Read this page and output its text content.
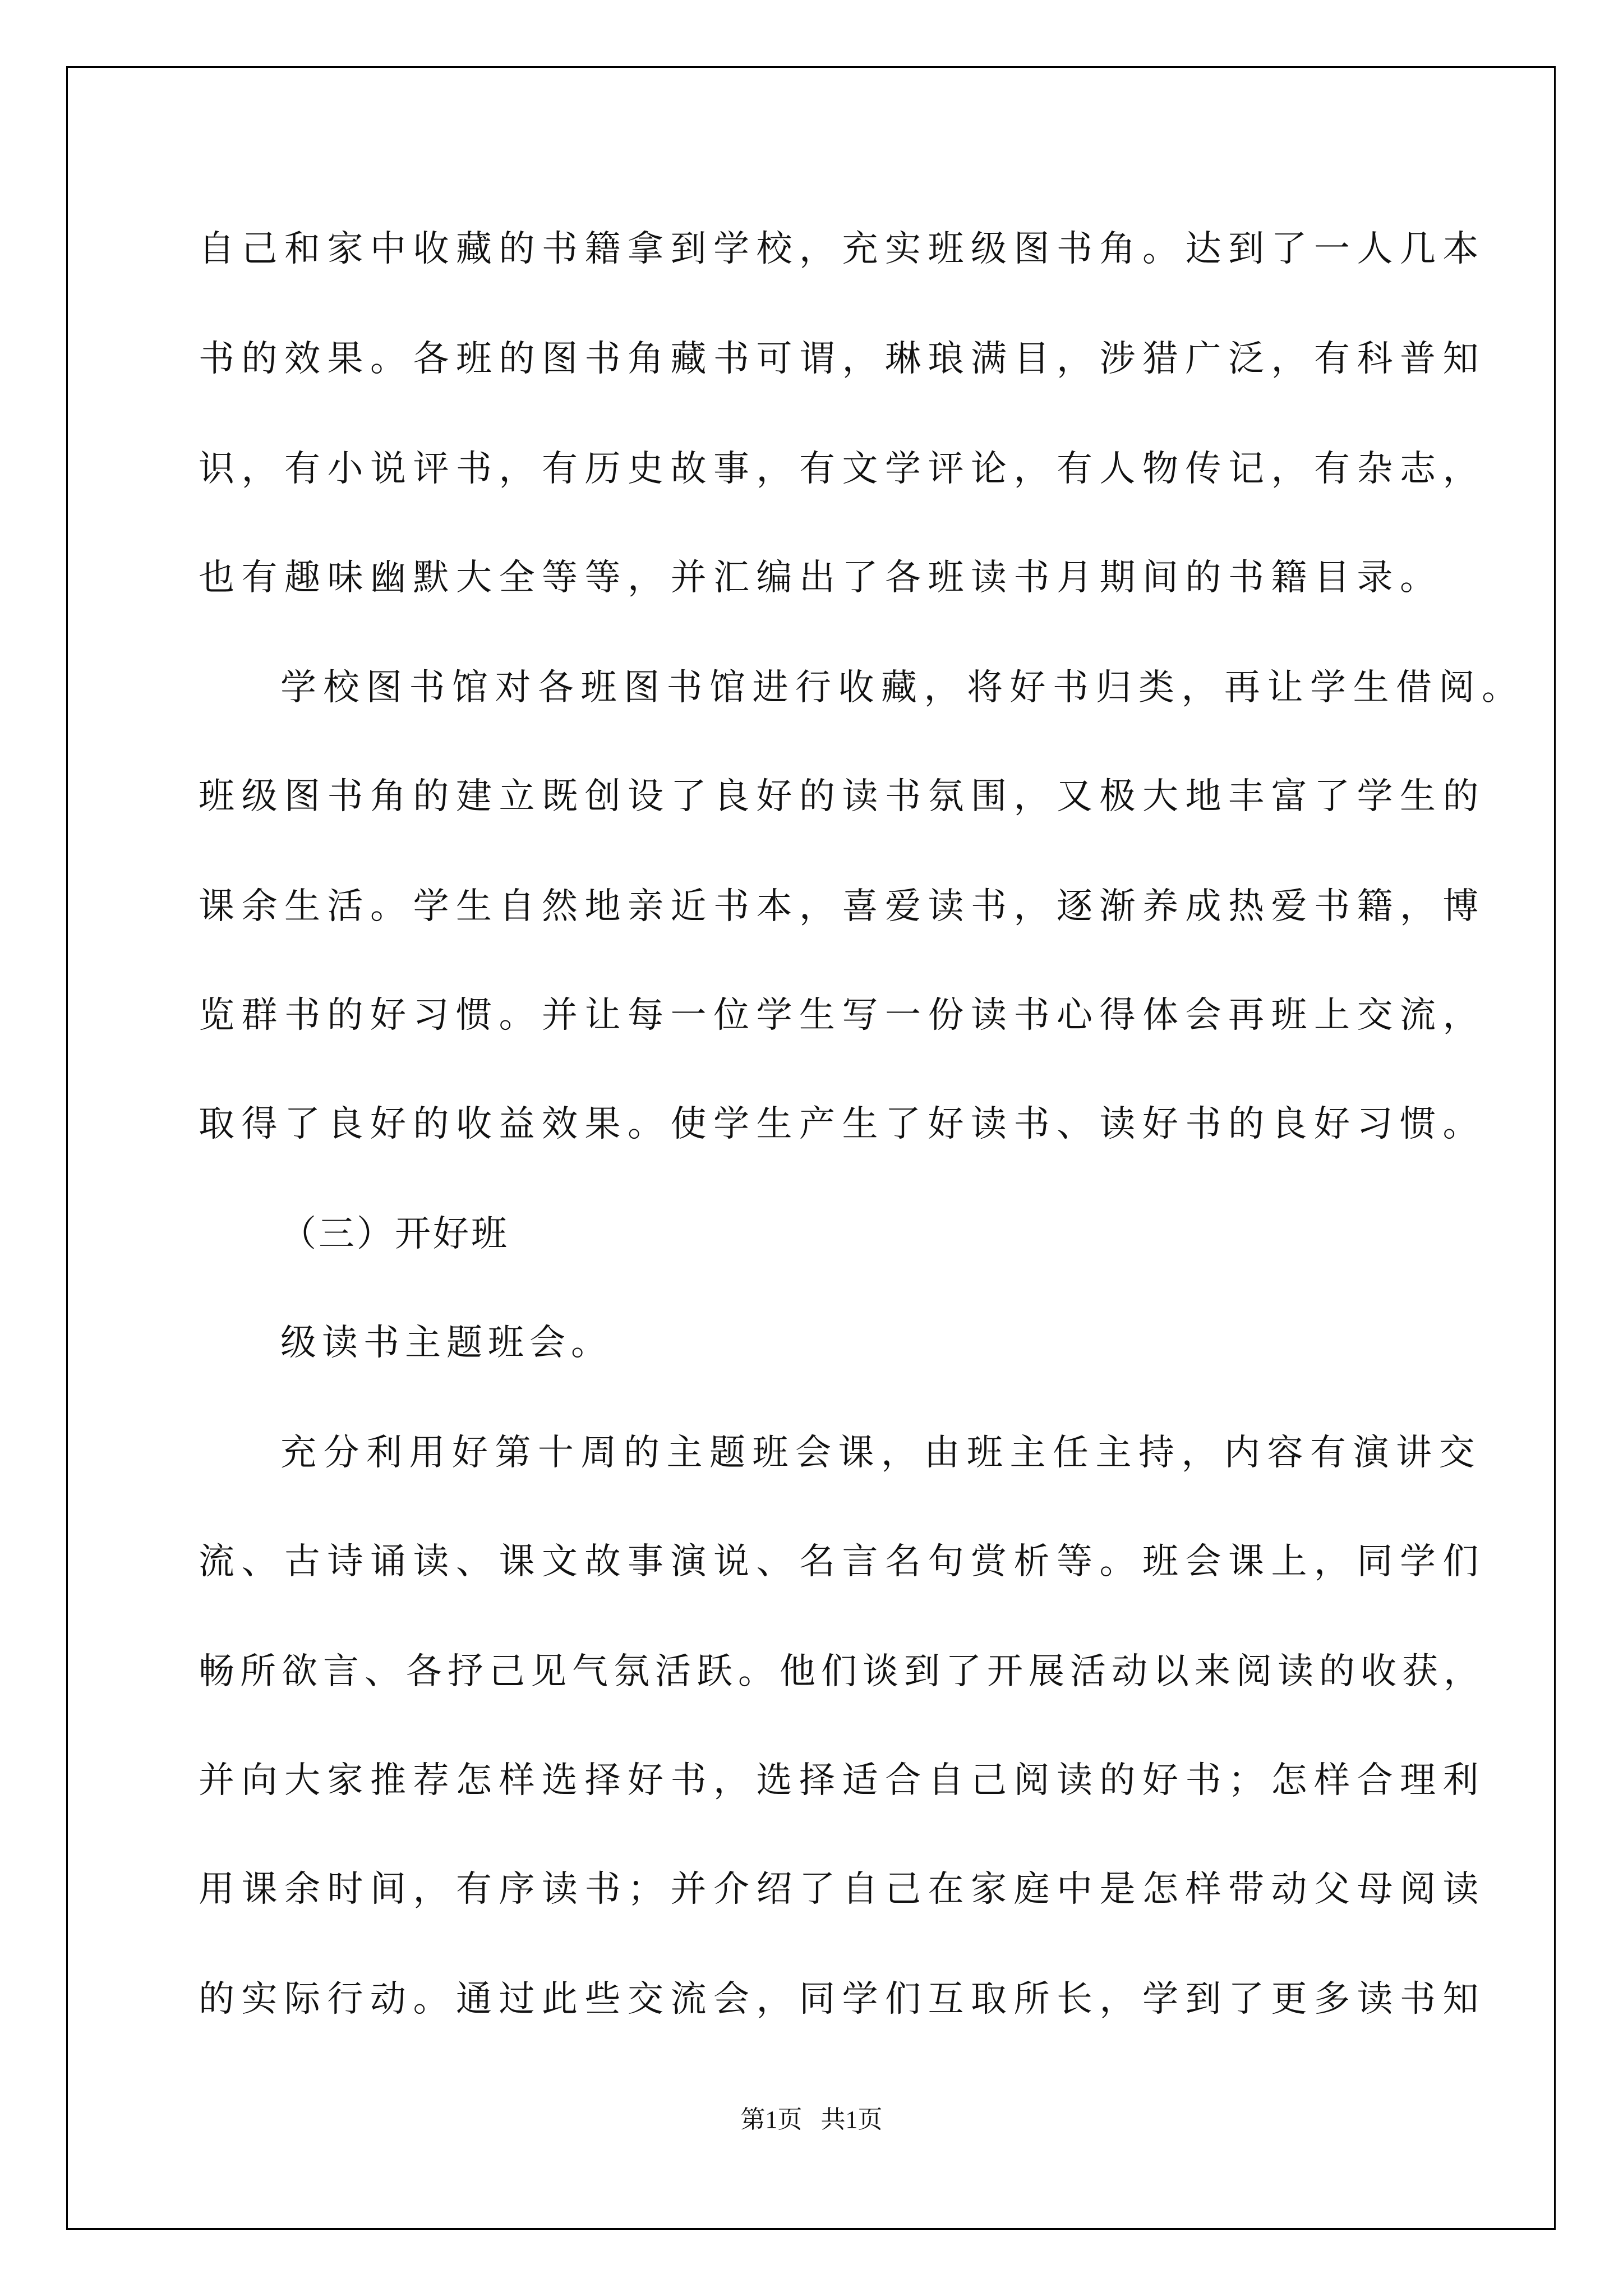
自己和家中收藏的书籍拿到学校，充实班级图书角。达到了一人几本
书的效果。各班的图书角藏书可谓，琳琅满目，涉猎广泛，有科普知
识，有小说评书，有历史故事，有文学评论，有人物传记，有杂志，
也有趣味幽默大全等等，并汇编出了各班读书月期间的书籍目录。
学校图书馆对各班图书馆进行收藏，将好书归类，再让学生借阅。
班级图书角的建立既创设了良好的读书氛围，又极大地丰富了学生的
课余生活。学生自然地亲近书本，喜爱读书，逐渐养成热爱书籍，博
览群书的好习惯。并让每一位学生写一份读书心得体会再班上交流，
取得了良好的收益效果。使学生产生了好读书、读好书的良好习惯。
（三）开好班
级读书主题班会。
充分利用好第十周的主题班会课，由班主任主持，内容有演讲交
流、古诗诵读、课文故事演说、名言名句赏析等。班会课上，同学们
畅所欲言、各抒己见气氛活跃。他们谈到了开展活动以来阅读的收获，
并向大家推荐怎样选择好书，选择适合自己阅读的好书；怎样合理利
用课余时间，有序读书；并介绍了自己在家庭中是怎样带动父母阅读
的实际行动。通过此些交流会，同学们互取所长，学到了更多读书知
第1页   共1页
